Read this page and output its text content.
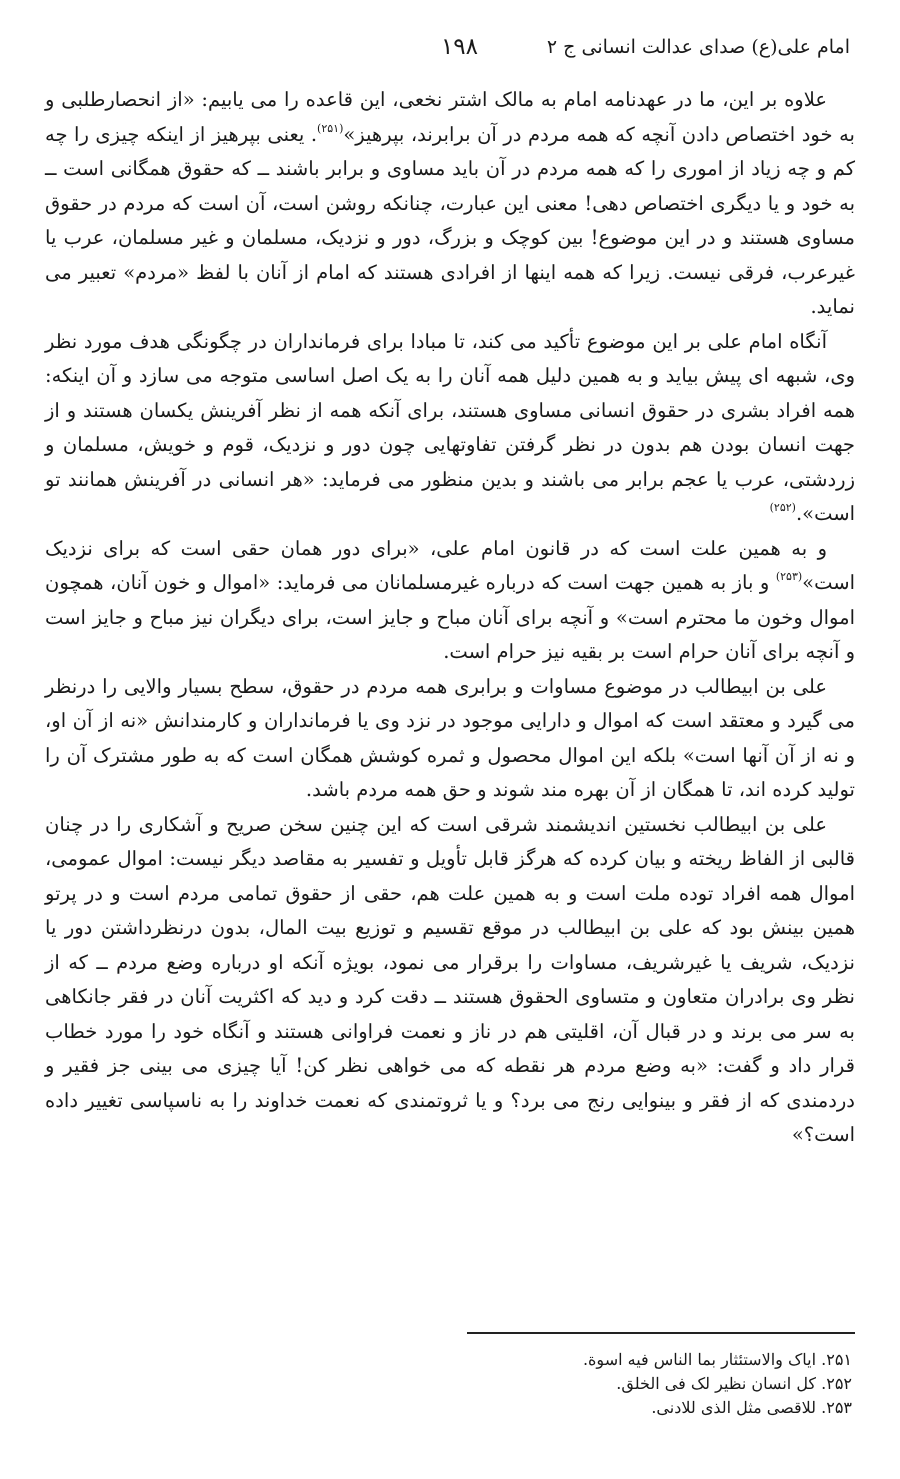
امام علی(ع) صدای عدالت انسانی ج ۲
۱۹۸

علاوه بر این، ما در عهدنامه امام به مالک اشتر نخعی، این قاعده را می یابیم: «از انحصارطلبی و به خود اختصاص دادن آنچه که همه مردم در آن برابرند، بپرهیز»$^{(۲۵۱)}$. یعنی بپرهیز از اینکه چیزی را چه کم و چه زیاد از اموری را که همه مردم در آن باید مساوی و برابر باشند ــ که حقوق همگانی است ــ به خود و یا دیگری اختصاص دهی! معنی این عبارت، چنانکه روشن است، آن است که مردم در حقوق مساوی هستند و در این موضوع! بین کوچک و بزرگ، دور و نزدیک، مسلمان و غیر مسلمان، عرب یا غیرعرب، فرقی نیست. زیرا که همه اینها از افرادی هستند که امام از آنان با لفظ «مردم» تعبیر می نماید.

آنگاه امام علی بر این موضوع تأکید می کند، تا مبادا برای فرمانداران در چگونگی هدف مورد نظر وی، شبهه ای پیش بیاید و به همین دلیل همه آنان را به یک اصل اساسی متوجه می سازد و آن اینکه: همه افراد بشری در حقوق انسانی مساوی هستند، برای آنکه همه از نظر آفرینش یکسان هستند و از جهت انسان بودن هم بدون در نظر گرفتن تفاوتهایی چون دور و نزدیک، قوم و خویش، مسلمان و زردشتی، عرب یا عجم برابر می باشند و بدین منظور می فرماید: «هر انسانی در آفرینش همانند تو است».$^{(۲۵۲)}$

و به همین علت است که در قانون امام علی، «برای دور همان حقی است که برای نزدیک است»$^{(۲۵۳)}$ و باز به همین جهت است که درباره غیرمسلمانان می فرماید: «اموال و خون آنان، همچون اموال وخون ما محترم است» و آنچه برای آنان مباح و جایز است، برای دیگران نیز مباح و جایز است و آنچه برای آنان حرام است بر بقیه نیز حرام است.

علی بن ابیطالب در موضوع مساوات و برابری همه مردم در حقوق، سطح بسیار والایی را درنظر می گیرد و معتقد است که اموال و دارایی موجود در نزد وی یا فرمانداران و کارمندانش «نه از آن او، و نه از آن آنها است» بلکه این اموال محصول و ثمره کوشش همگان است که به طور مشترک آن را تولید کرده اند، تا همگان از آن بهره مند شوند و حق همه مردم باشد.

علی بن ابیطالب نخستین اندیشمند شرقی است که این چنین سخن صریح و آشکاری را در چنان قالبی از الفاظ ریخته و بیان کرده که هرگز قابل تأویل و تفسیر به مقاصد دیگر نیست: اموال عمومی، اموال همه افراد توده ملت است و به همین علت هم، حقی از حقوق تمامی مردم است و در پرتو همین بینش بود که علی بن ابیطالب در موقع تقسیم و توزیع بیت المال، بدون درنظرداشتن دور یا نزدیک، شریف یا غیرشریف، مساوات را برقرار می نمود، بویژه آنکه او درباره وضع مردم ــ که از نظر وی برادران متعاون و متساوی الحقوق هستند ــ دقت کرد و دید که اکثریت آنان در فقر جانکاهی به سر می برند و در قبال آن، اقلیتی هم در ناز و نعمت فراوانی هستند و آنگاه خود را مورد خطاب قرار داد و گفت: «به وضع مردم هر نقطه که می خواهی نظر کن! آیا چیزی می بینی جز فقیر و دردمندی که از فقر و بینوایی رنج می برد؟ و یا ثروتمندی که نعمت خداوند را به ناسپاسی تغییر داده است؟»

۲۵۱. ایاک والاستئثار بما الناس فیه اسوة.

۲۵۲. کل انسان نظیر لک فی الخلق.

۲۵۳. للاقصی مثل الذی للادنی.
